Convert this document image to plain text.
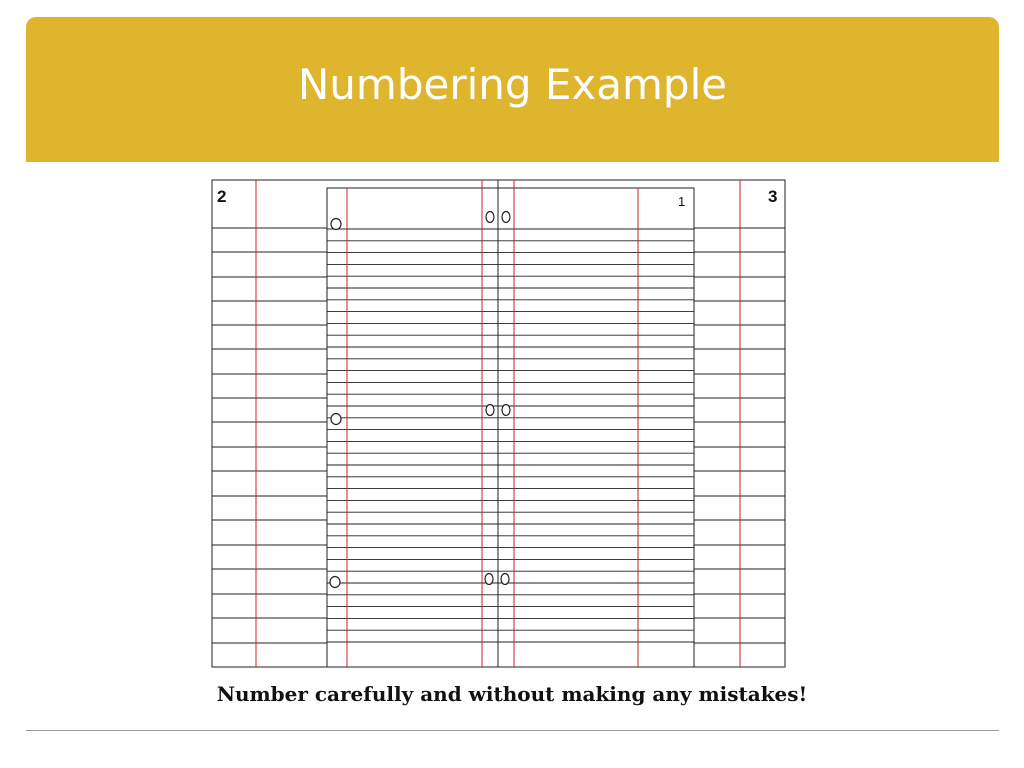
Numbering Example
2	1	3
Number carefully and without making any mistakes!
